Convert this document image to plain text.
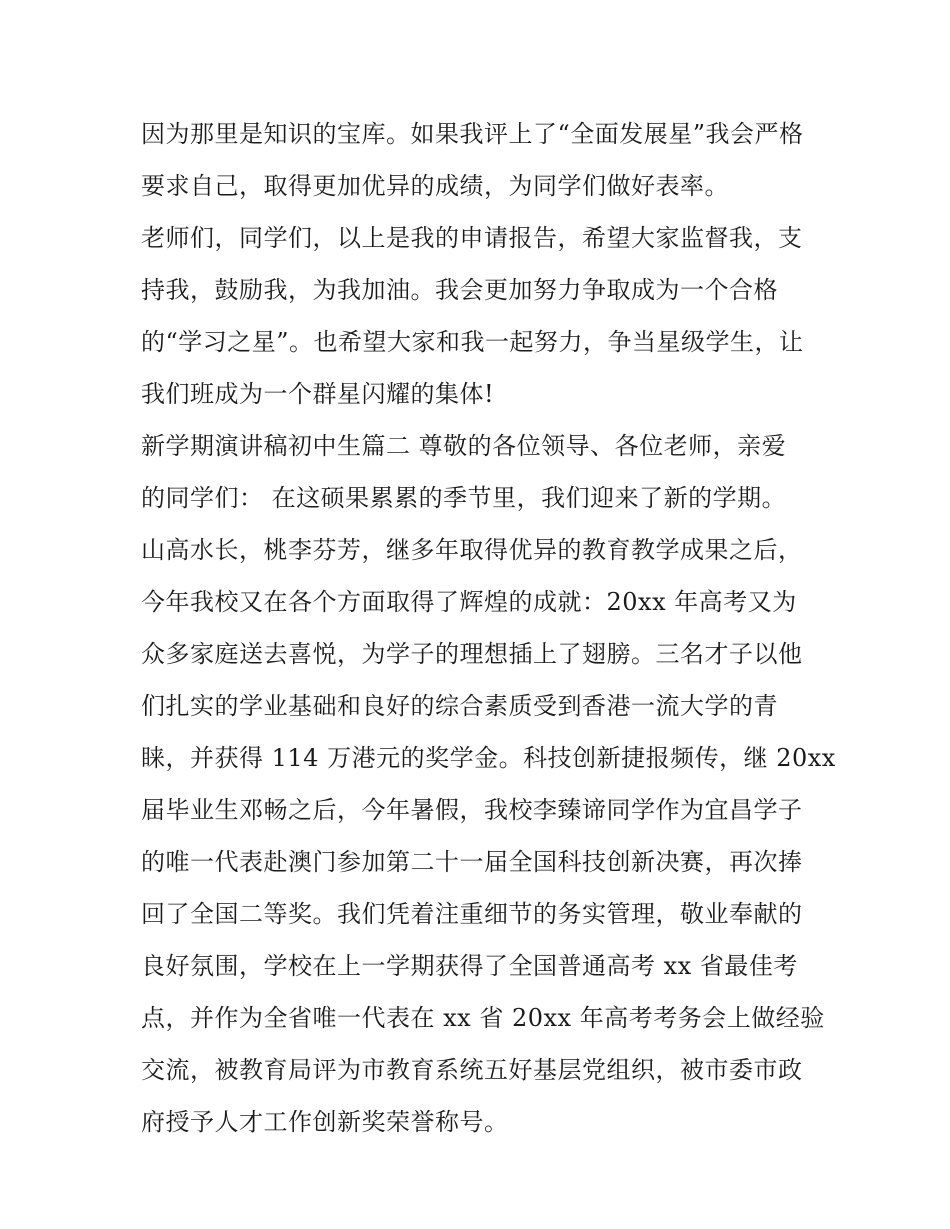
因为那里是知识的宝库。如果我评上了“全面发展星”我会严格
要求自己，取得更加优异的成绩，为同学们做好表率。
老师们，同学们，以上是我的申请报告，希望大家监督我，支
持我，鼓励我，为我加油。我会更加努力争取成为一个合格
的“学习之星”。也希望大家和我一起努力，争当星级学生，让
我们班成为一个群星闪耀的集体!
新学期演讲稿初中生篇二 尊敬的各位领导、各位老师，亲爱
的同学们： 在这硕果累累的季节里，我们迎来了新的学期。
山高水长，桃李芬芳，继多年取得优异的教育教学成果之后，
今年我校又在各个方面取得了辉煌的成就：20xx 年高考又为
众多家庭送去喜悦，为学子的理想插上了翅膀。三名才子以他
们扎实的学业基础和良好的综合素质受到香港一流大学的青
睐，并获得 114 万港元的奖学金。科技创新捷报频传，继 20xx
届毕业生邓畅之后，今年暑假，我校李臻谛同学作为宜昌学子
的唯一代表赴澳门参加第二十一届全国科技创新决赛，再次捧
回了全国二等奖。我们凭着注重细节的务实管理，敬业奉献的
良好氛围，学校在上一学期获得了全国普通高考 xx 省最佳考
点，并作为全省唯一代表在 xx 省 20xx 年高考考务会上做经验
交流，被教育局评为市教育系统五好基层党组织，被市委市政
府授予人才工作创新奖荣誉称号。
